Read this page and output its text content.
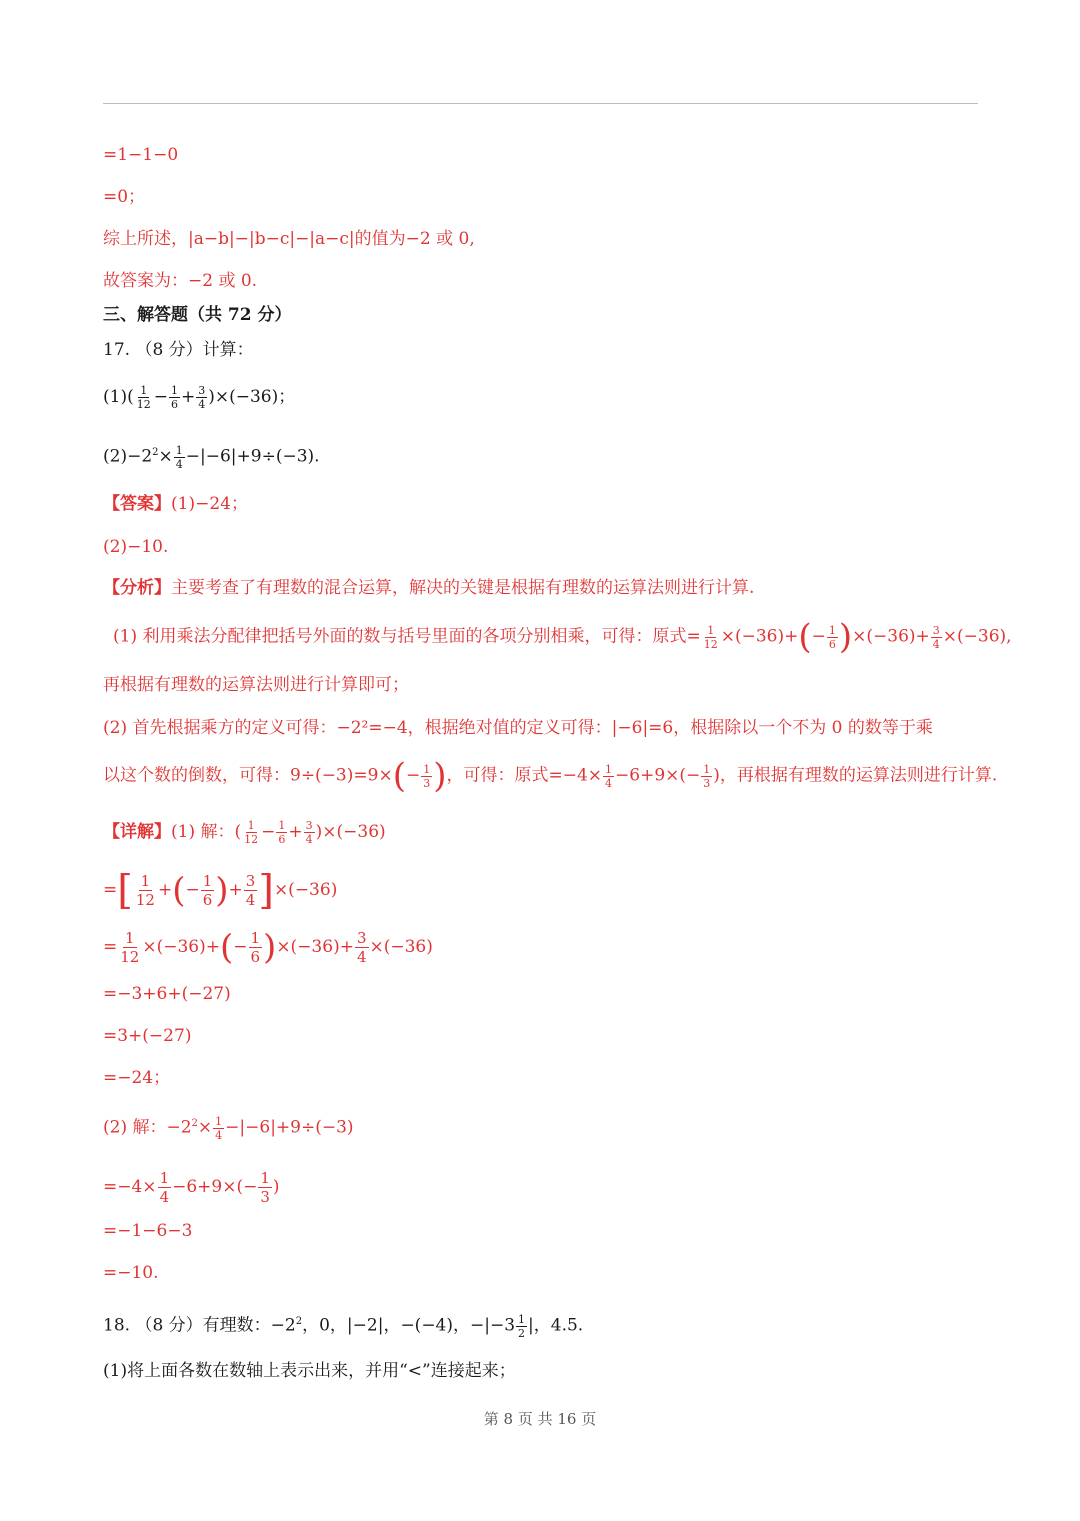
=1−1−0
=0；
综上所述，|a−b|−|b−c|−|a−c|的值为−2 或 0,
故答案为：−2 或 0.
三、解答题（共 72 分）
17. （8 分）计算：
$(1)( \frac{1}{12} - \frac{1}{6} + \frac{3}{4} )\times(-36)$；
$(2)-2^2\times \frac{1}{4} -|-6|+9\div(-3)$.
【答案】(1)−24；
(2)−10.
【分析】主要考查了有理数的混合运算，解决的关键是根据有理数的运算法则进行计算.
(1) 利用乘法分配律把括号外面的数与括号里面的各项分别相乘，可得：原式= $\frac{1}{12} \times(-36)+(- \frac{1}{6} )\times(-36)+ \frac{3}{4} \times(-36)$,
再根据有理数的运算法则进行计算即可；
(2) 首先根据乘方的定义可得：−2²=−4，根据绝对值的定义可得：|−6|=6，根据除以一个不为 0 的数等于乘
以这个数的倒数，可得：$9\div(-3)=9\times(- \frac{1}{3}$ )，可得：原式$=-4\times \frac{1}{4} -6+9\times(- \frac{1}{3}$ )，再根据有理数的运算法则进行计算.
【详解】(1) 解：( $\frac{1}{12} - \frac{1}{6} + \frac{3}{4} )\times(-36)$
=[ $\frac{1}{12}$ +(− $\frac{1}{6}$ )+ $\frac{3}{4} ]\times(-36)$
= $\frac{1}{12} \times(-36)+(- \frac{1}{6} )\times(-36)+ \frac{3}{4} \times(-36)$
=−3+6+(−27)
=3+(−27)
=−24；
(2) 解：$-2^2\times \frac{1}{4} -|-6|+9\div(-3)$
$=-4\times \frac{1}{4} -6+9\times(- \frac{1}{3}$ )
=−1−6−3
=−10.
18. （8 分）有理数：$-2^2$，0，|−2|，−(−4)，$-|-3 \frac{1}{2}$ |，4.5.
(1)将上面各数在数轴上表示出来，并用“<”连接起来；
第 8 页 共 16 页
